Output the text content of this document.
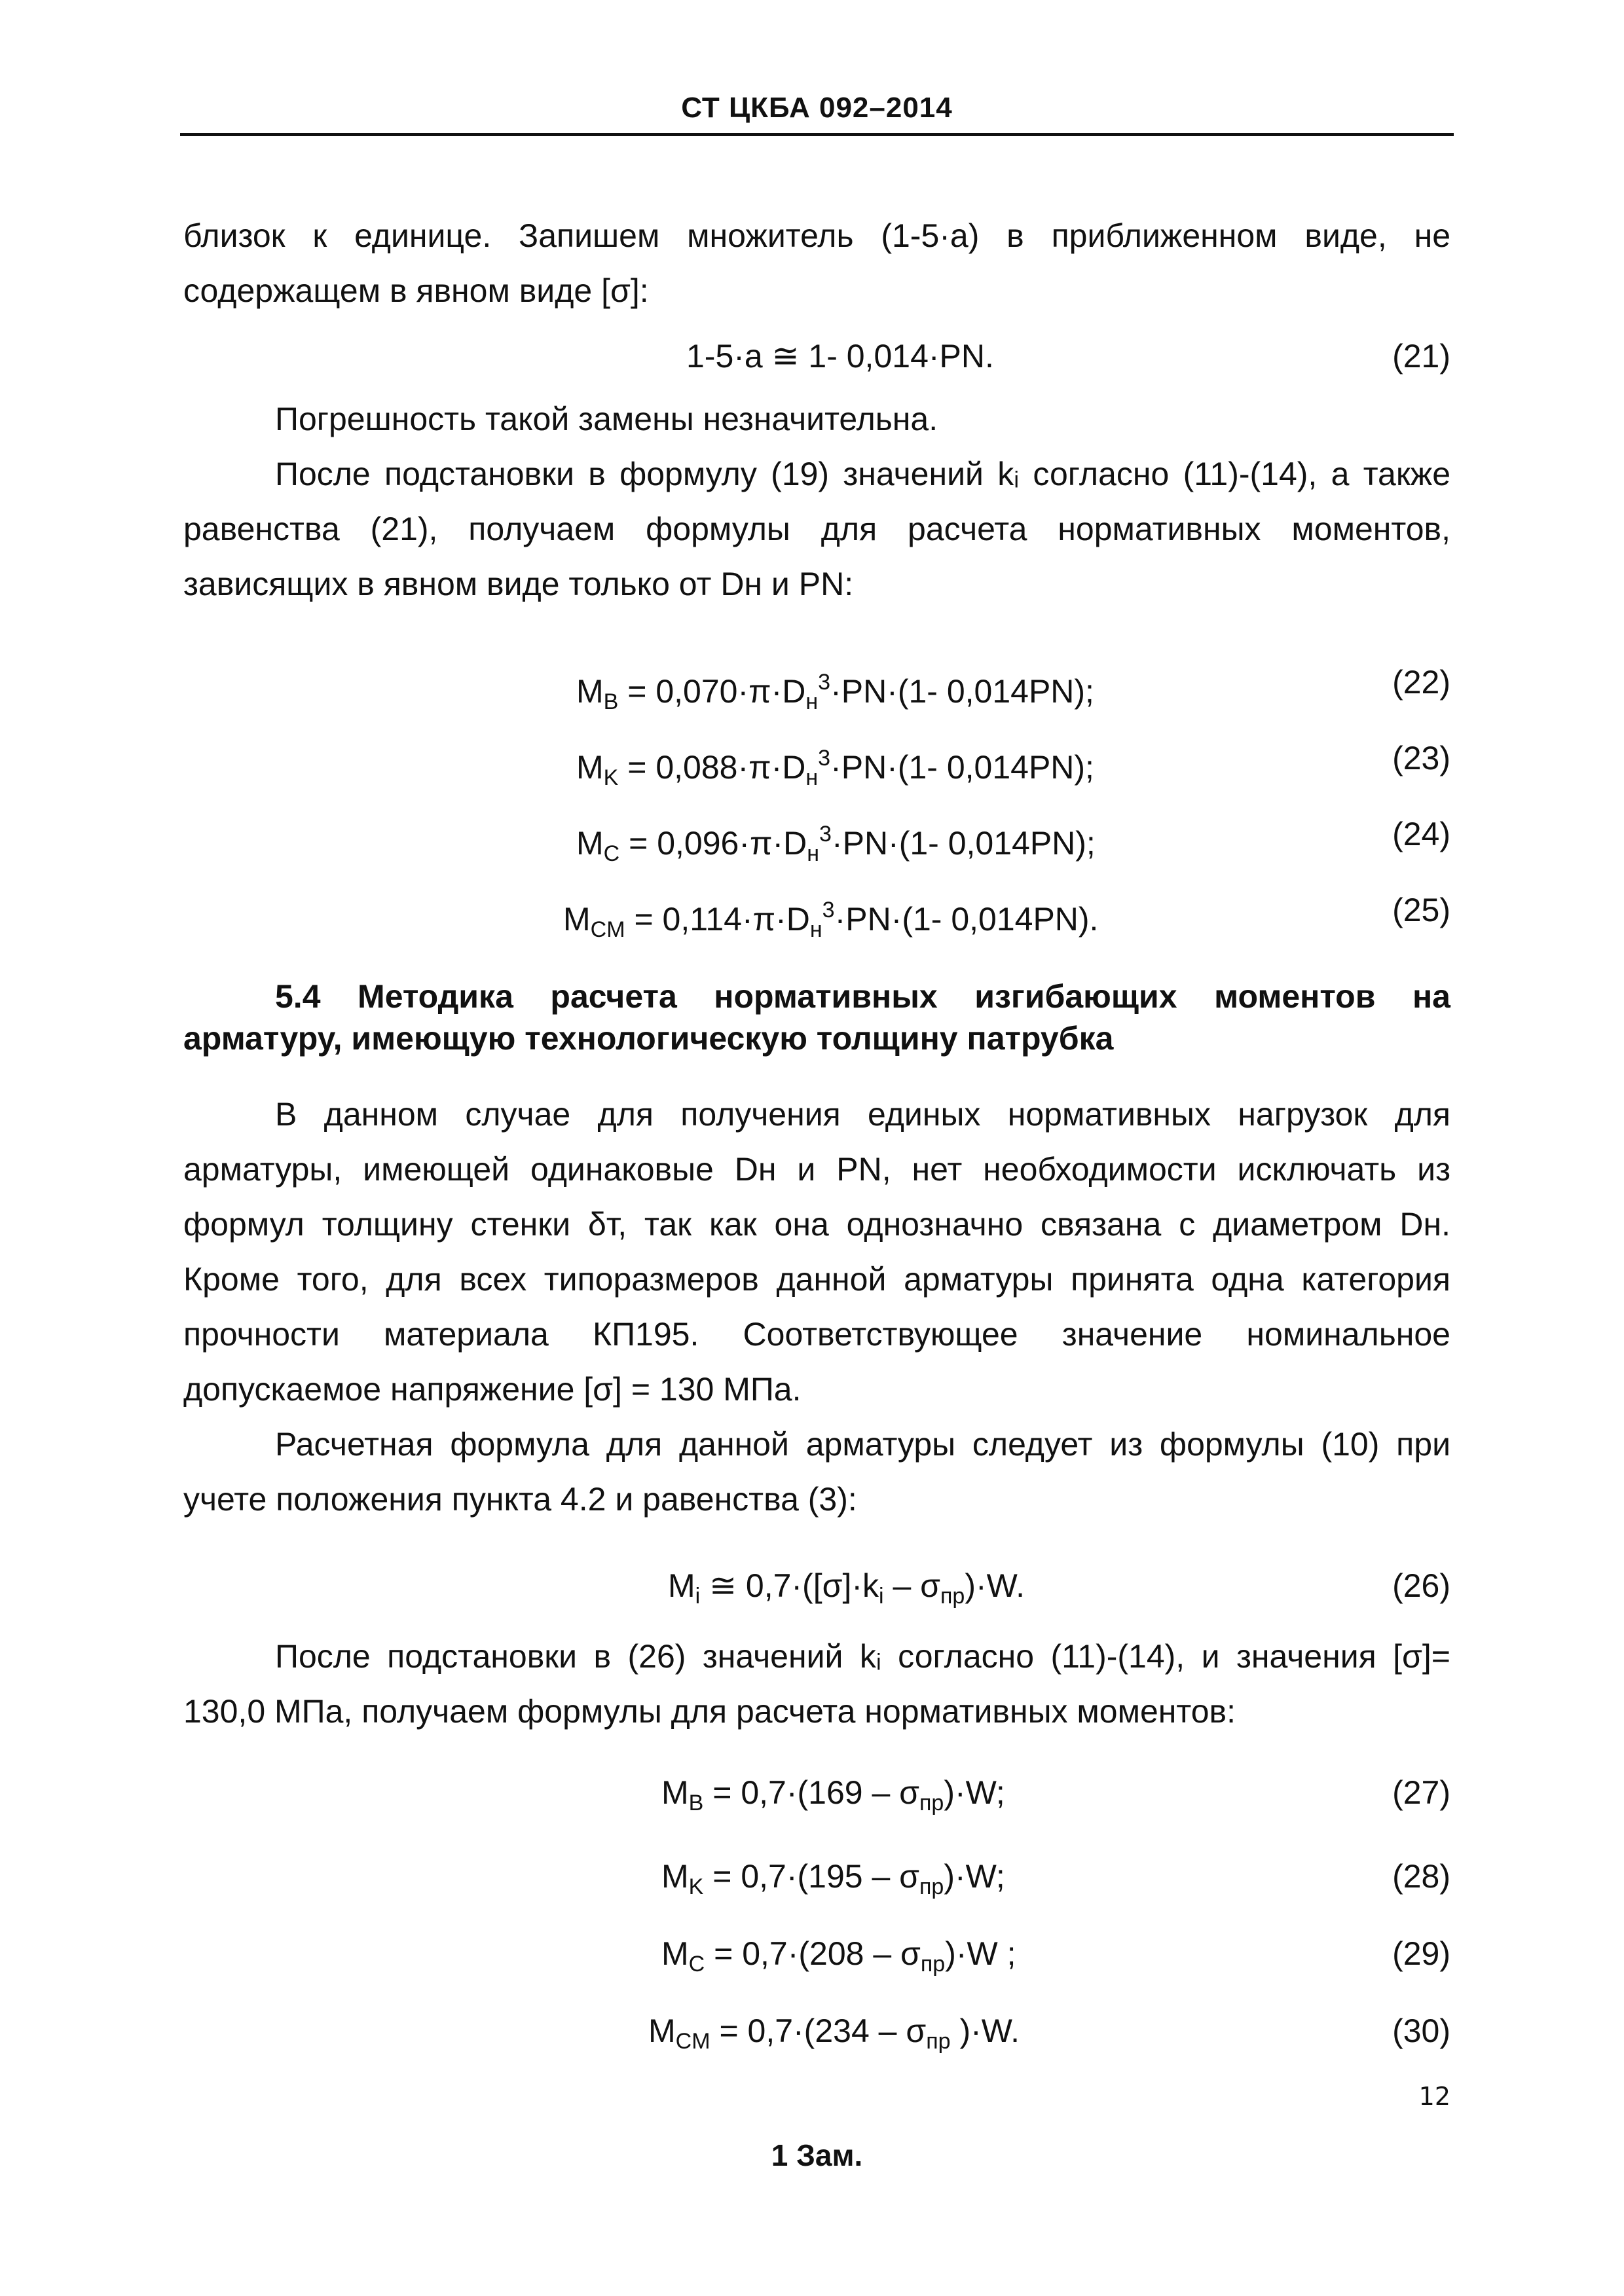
СТ ЦКБА 092–2014

близок к единице. Запишем множитель (1-5·a) в приближенном виде, не содержащем в явном виде [σ]:

1-5·a ≅ 1- 0,014·PN.	(21)

Погрешность такой замены незначительна.

После подстановки в формулу (19) значений kᵢ согласно (11)-(14), а также равенства (21), получаем формулы для расчета нормативных моментов, зависящих в явном виде только от Dн и PN:

$M_B = 0,070\cdot\pi\cdot D_н^3\cdot PN\cdot(1-$ 0,014PN);	(22)
$M_K = 0,088\cdot\pi\cdot D_н^3\cdot PN\cdot(1-$ 0,014PN);	(23)
$M_C = 0,096\cdot\pi\cdot D_н^3\cdot PN\cdot(1-$ 0,014PN);	(24)
$M_{CM} = 0,114\cdot\pi\cdot D_н^3\cdot PN\cdot(1-$ 0,014PN).	(25)
5.4 Методика расчета нормативных изгибающих моментов на арматуру, имеющую технологическую толщину патрубка

В данном случае для получения единых нормативных нагрузок для арматуры, имеющей одинаковые Dн и PN, нет необходимости исключать из формул толщину стенки δт, так как она однозначно связана с диаметром Dн. Кроме того, для всех типоразмеров данной арматуры принята одна категория прочности материала КП195. Соответствующее значение номинальное допускаемое напряжение [σ] = 130 МПа.

Расчетная формула для данной арматуры следует из формулы (10) при учете положения пункта 4.2 и равенства (3):

$M_i$ ≅ $0,7\cdot([\sigma]\cdot k_i - \sigma_{пр})\cdot W$.	(26)

После подстановки в (26) значений kᵢ согласно (11)-(14), и значения [σ]= 130,0 МПа, получаем формулы для расчета нормативных моментов:

$M_B = 0,7\cdot(169 - \sigma_{пр})\cdot W$;	(27)
$M_K = 0,7\cdot(195 - \sigma_{пр})\cdot W$;	(28)
$M_C = 0,7\cdot(208 - \sigma_{пр})\cdot W$ ;	(29)
$M_{CM} = 0,7\cdot(234 - \sigma_{пр}$ )·W.	(30)
12
1 Зам.
